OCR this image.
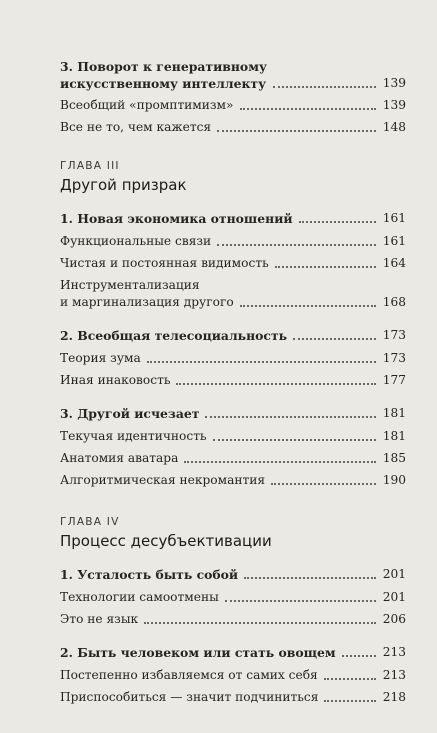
3. Поворот к генеративному
искусственному интеллекту	139
Всеобщий «промптимизм»	139
Все не то, чем кажется	148
ГЛАВА III
Другой призрак
1. Новая экономика отношений	161
Функциональные связи	161
Чистая и постоянная видимость	164
Инструментализация
и маргинализация другого	168
2. Всеобщая телесоциальность	173
Теория зума	173
Иная инаковость	177
3. Другой исчезает	181
Текучая идентичность	181
Анатомия аватара	185
Алгоритмическая некромантия	190
ГЛАВА IV
Процесс десубъективации
1. Усталость быть собой	201
Технологии самоотмены	201
Это не язык	206
2. Быть человеком или стать овощем	213
Постепенно избавляемся от самих себя	213
Приспособиться — значит подчиниться	218
